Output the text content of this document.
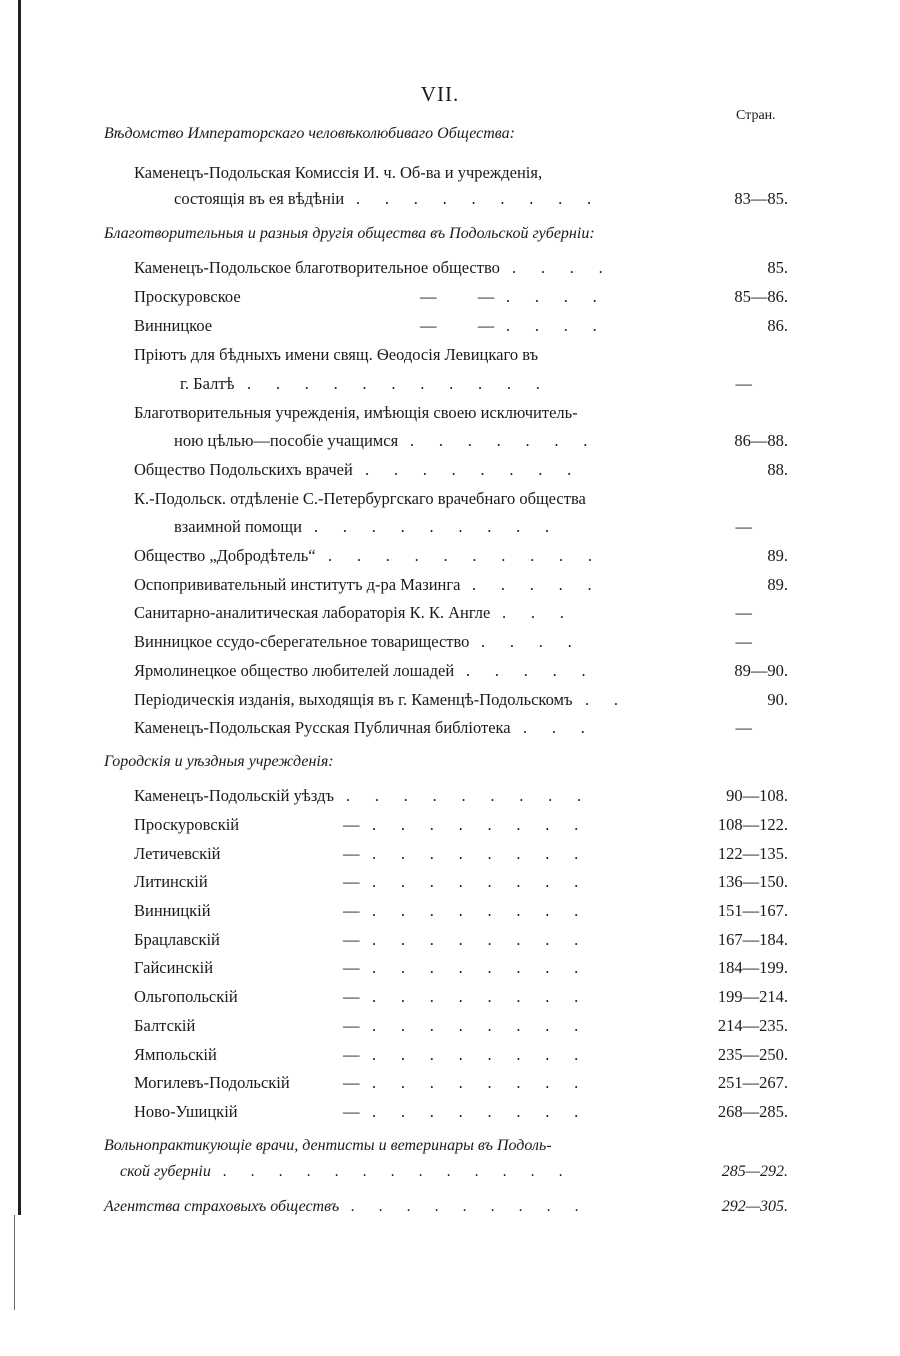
VII.
Стран.
Вѣдомство Императорскаго человѣколюбиваго Общества:
Каменецъ-Подольская Комиссія И. ч. Об-ва и учрежденія,
состоящія въ ея вѣдѣніи	83—85.
.  .  .  .  .  .  .  .  .  
Благотворительныя и разныя другія общества въ Подольской губерніи:
Каменецъ-Подольское благотворительное общество	85.
.  .  .  .  
Проскуровское	—          —	85—86.
.  .  .  .  
Винницкое	—          —	86.
.  .  .  .  
Пріютъ для бѣдныхъ имени свящ. Ѳеодосія Левицкаго въ
г. Балтѣ	—
.  .  .  .  .  .  .  .  .  .  .  
Благотворительныя учрежденія, имѣющія своею исключитель-
ною цѣлью—пособіе учащимся	86—88.
.  .  .  .  .  .  .  
Общество Подольскихъ врачей	88.
.  .  .  .  .  .  .  .  
К.-Подольск. отдѣленіе С.-Петербургскаго врачебнаго общества
взаимной помощи	—
.  .  .  .  .  .  .  .  .  
Общество „Добродѣтель“	89.
.  .  .  .  .  .  .  .  .  .  
Оспопрививательный институтъ д-ра Мазинга	89.
.  .  .  .  .  
Санитарно-аналитическая лабораторія К. К. Англе	—
.  .  .  
Винницкое ссудо-сберегательное товарищество	—
.  .  .  .  
Ярмолинецкое общество любителей лошадей	89—90.
.  .  .  .  .  
Періодическія изданія, выходящія въ г. Каменцѣ-Подольскомъ	90.
.  .  
Каменецъ-Подольская Русская Публичная библіотека	—
.  .  .  
Городскія и уѣздныя учрежденія:
Каменецъ-Подольскій уѣздъ	90—108.
.  .  .  .  .  .  .  .  .  
Проскуровскій	—	108—122.
.  .  .  .  .  .  .  .  
Летичевскій	—	122—135.
.  .  .  .  .  .  .  .  
Литинскій	—	136—150.
.  .  .  .  .  .  .  .  
Винницкій	—	151—167.
.  .  .  .  .  .  .  .  
Брацлавскій	—	167—184.
.  .  .  .  .  .  .  .  
Гайсинскій	—	184—199.
.  .  .  .  .  .  .  .  
Ольгопольскій	—	199—214.
.  .  .  .  .  .  .  .  
Балтскій	—	214—235.
.  .  .  .  .  .  .  .  
Ямпольскій	—	235—250.
.  .  .  .  .  .  .  .  
Могилевъ-Подольскій	—	251—267.
.  .  .  .  .  .  .  .  
Ново-Ушицкій	—	268—285.
.  .  .  .  .  .  .  .  
Вольнопрактикующіе врачи, дентисты и ветеринары въ Подоль-
ской губерніи	285—292.
.  .  .  .  .  .  .  .  .  .  .  .  .  
Агентства страховыхъ обществъ	292—305.
.  .  .  .  .  .  .  .  .  
